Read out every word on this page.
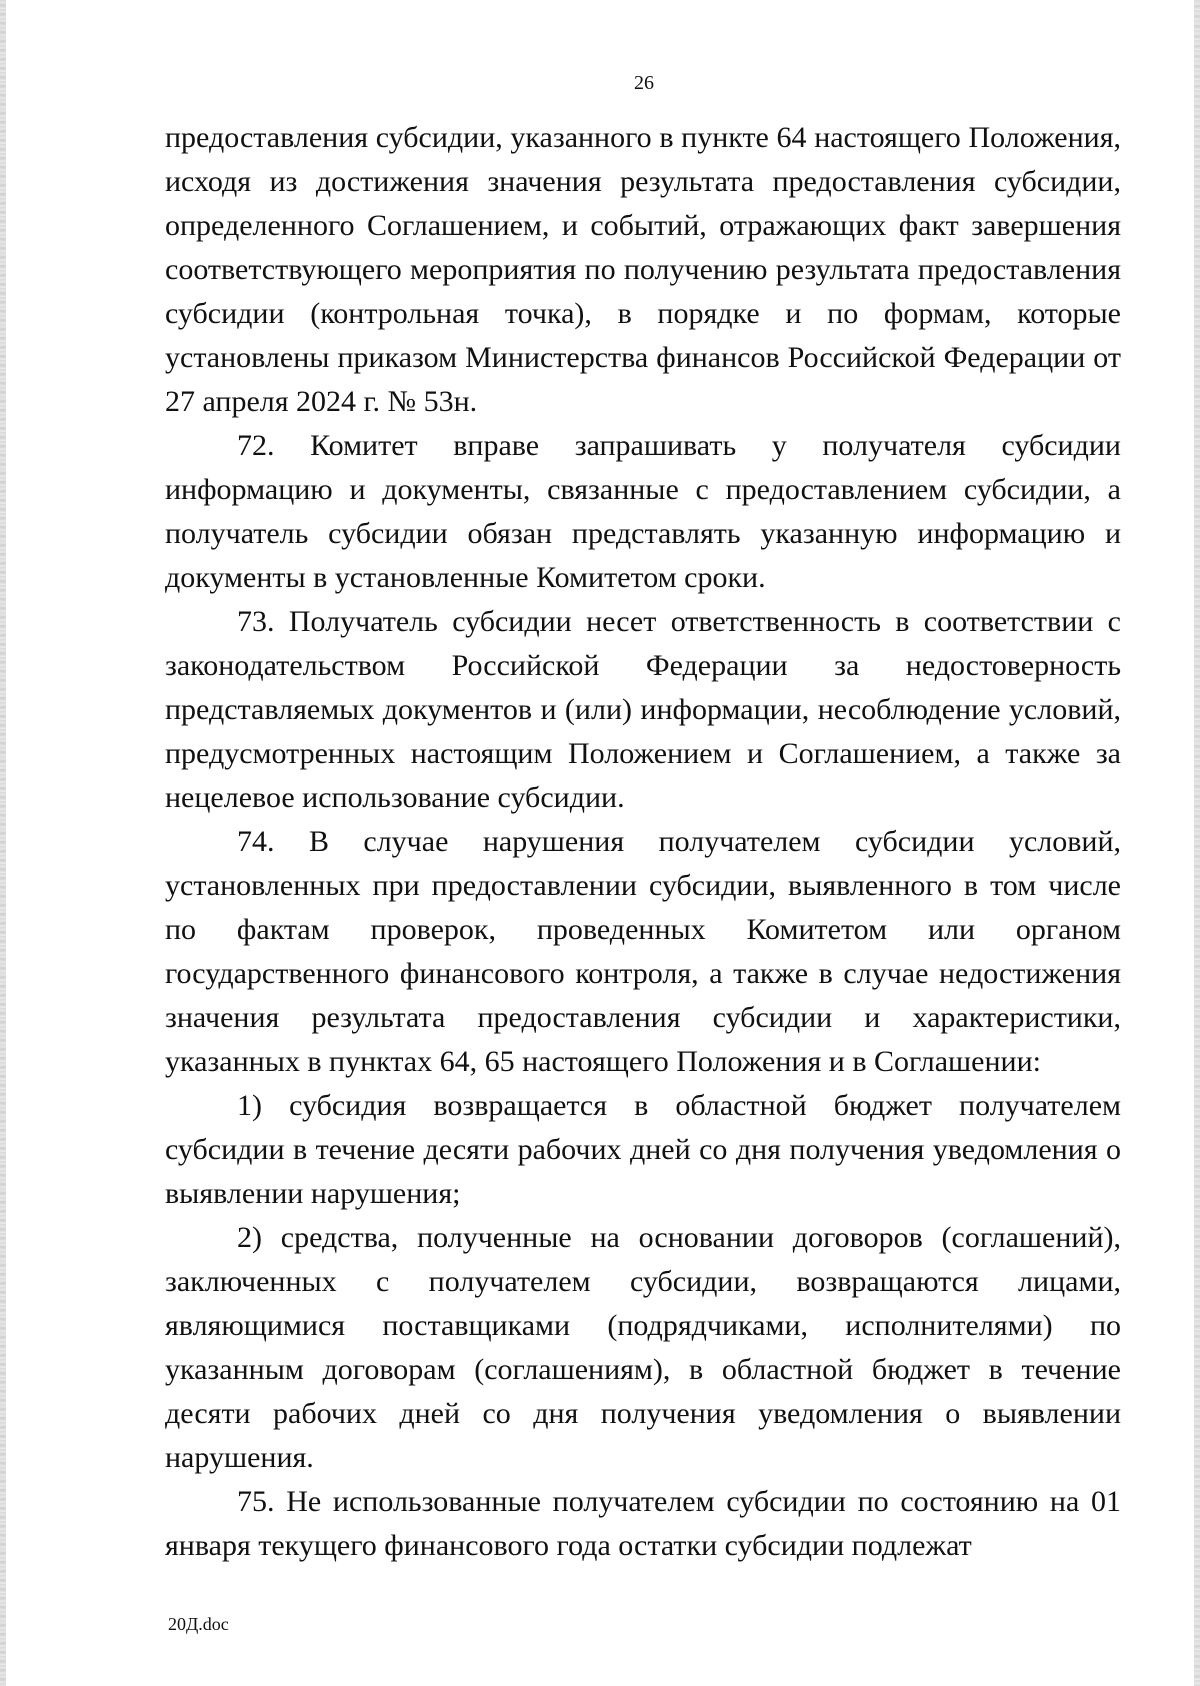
26

предоставления субсидии, указанного в пункте 64 настоящего Положения, исходя из достижения значения результата предоставления субсидии, определенного Соглашением, и событий, отражающих факт завершения соответствующего мероприятия по получению результата предоставления субсидии (контрольная точка), в порядке и по формам, которые установлены приказом Министерства финансов Российской Федерации от 27 апреля 2024 г. № 53н.

72. Комитет вправе запрашивать у получателя субсидии информацию и документы, связанные с предоставлением субсидии, а получатель субсидии обязан представлять указанную информацию и документы в установленные Комитетом сроки.

73. Получатель субсидии несет ответственность в соответствии с законодательством Российской Федерации за недостоверность представляемых документов и (или) информации, несоблюдение условий, предусмотренных настоящим Положением и Соглашением, а также за нецелевое использование субсидии.

74. В случае нарушения получателем субсидии условий, установленных при предоставлении субсидии, выявленного в том числе по фактам проверок, проведенных Комитетом или органом государственного финансового контроля, а также в случае недостижения значения результата предоставления субсидии и характеристики, указанных в пунктах 64, 65 настоящего Положения и в Соглашении:

1) субсидия возвращается в областной бюджет получателем субсидии в течение десяти рабочих дней со дня получения уведомления о выявлении нарушения;

2) средства, полученные на основании договоров (соглашений), заключенных с получателем субсидии, возвращаются лицами, являющимися поставщиками (подрядчиками, исполнителями) по указанным договорам (соглашениям), в областной бюджет в течение десяти рабочих дней со дня получения уведомления о выявлении нарушения.

75. Не использованные получателем субсидии по состоянию на 01 января текущего финансового года остатки субсидии подлежат

20Д.doc
